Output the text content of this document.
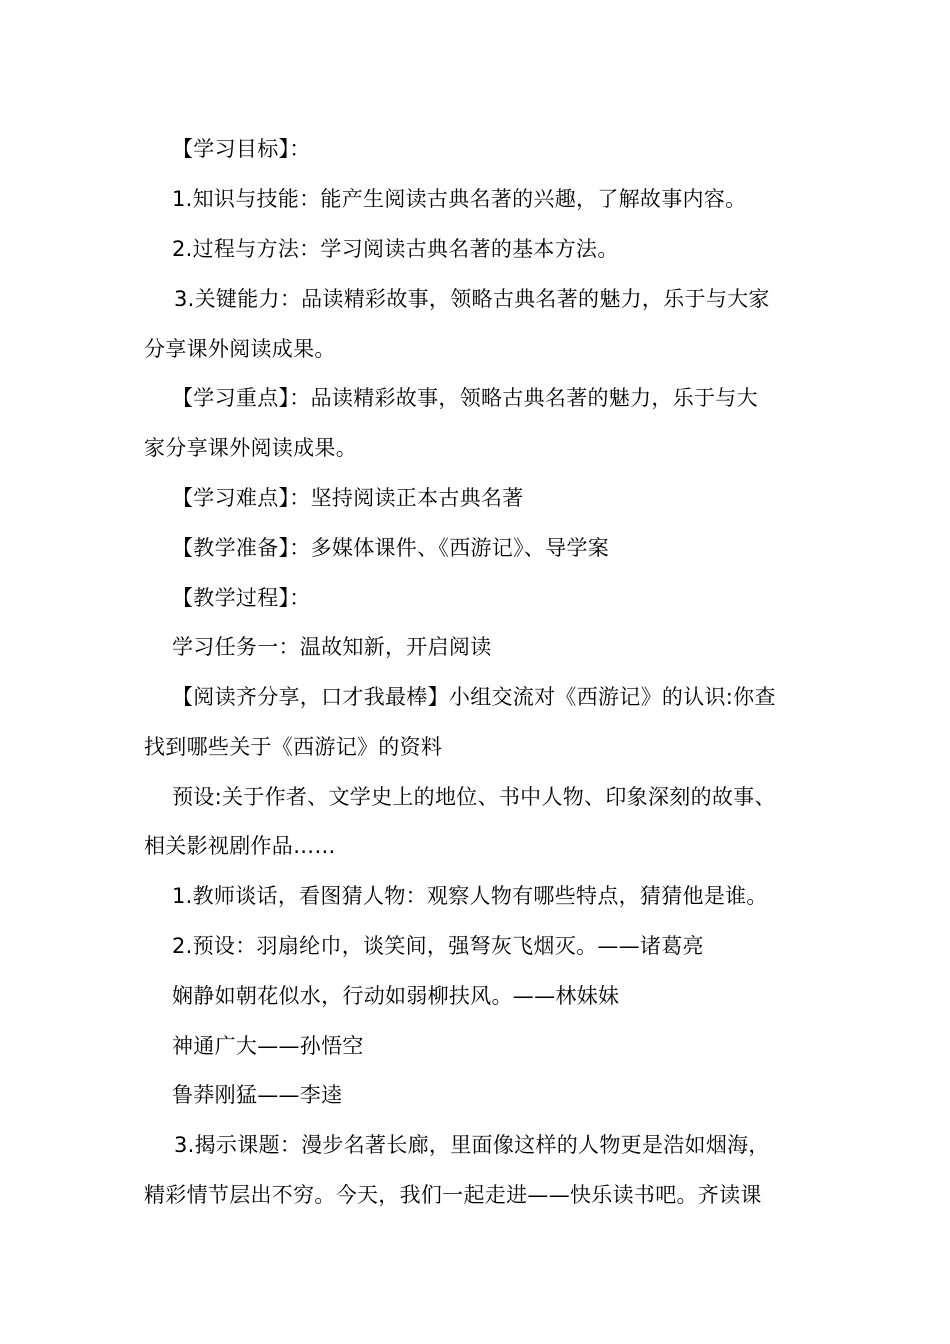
【学习目标】：
1.知识与技能：能产生阅读古典名著的兴趣，了解故事内容。
2.过程与方法：学习阅读古典名著的基本方法。
3.关键能力：品读精彩故事，领略古典名著的魅力，乐于与大家
分享课外阅读成果。
【学习重点】：品读精彩故事，领略古典名著的魅力，乐于与大
家分享课外阅读成果。
【学习难点】：坚持阅读正本古典名著
【教学准备】：多媒体课件、《西游记》、导学案
【教学过程】：
学习任务一：温故知新，开启阅读
【阅读齐分享，口才我最棒】小组交流对《西游记》的认识:你查
找到哪些关于《西游记》的资料
预设:关于作者、文学史上的地位、书中人物、印象深刻的故事、
相关影视剧作品……
1.教师谈话，看图猜人物：观察人物有哪些特点，猜猜他是谁。
2.预设：羽扇纶巾，谈笑间，强弩灰飞烟灭。——诸葛亮
娴静如朝花似水，行动如弱柳扶风。——林妹妹
神通广大——孙悟空
鲁莽刚猛——李逵
3.揭示课题：漫步名著长廊，里面像这样的人物更是浩如烟海，
精彩情节层出不穷。今天，我们一起走进——快乐读书吧。齐读课
